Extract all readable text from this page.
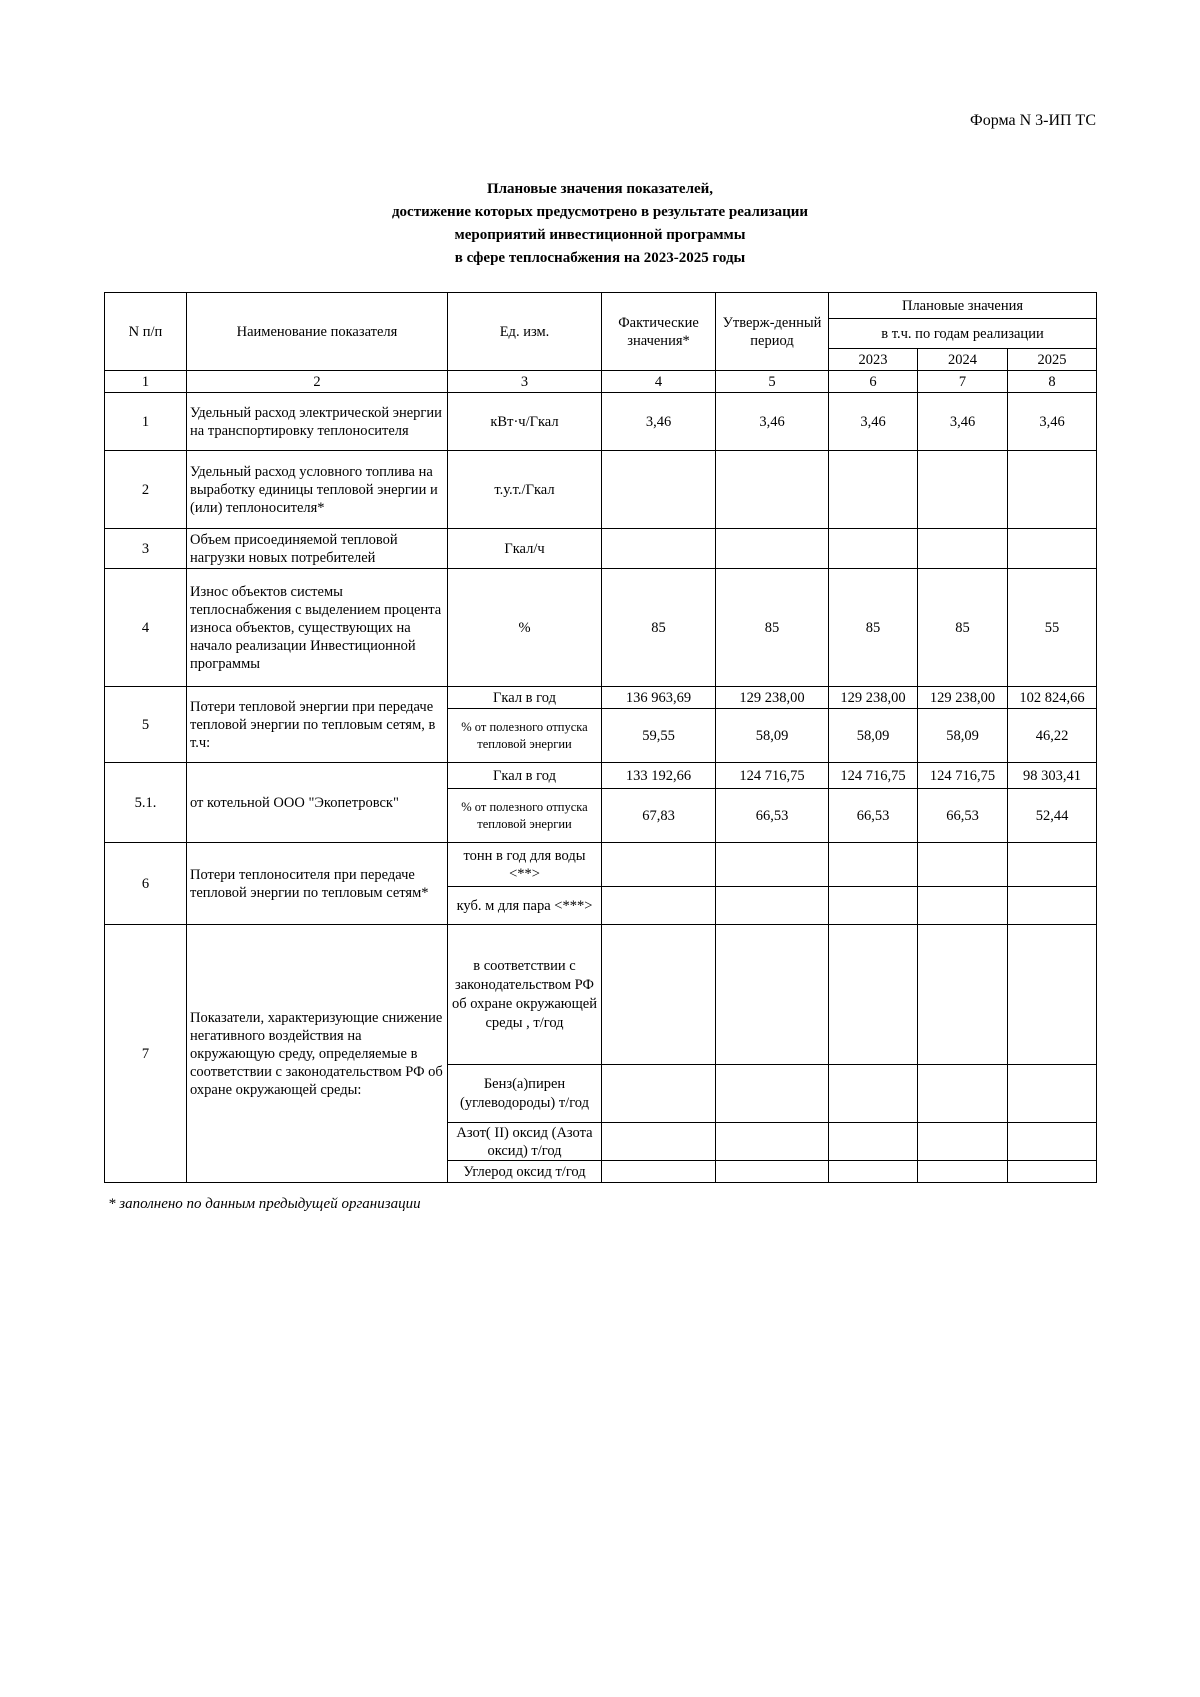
Форма N 3-ИП ТС
Плановые значения показателей,
достижение которых предусмотрено в результате реализации
мероприятий инвестиционной программы
в сфере теплоснабжения на 2023-2025 годы
N п/п	Наименование показателя	Ед. изм.	Фактические значения*	Утверж-денный период	Плановые значения		
					в т.ч. по годам реализации		
					2023	2024	2025
1	2	3	4	5	6	7	8
1	Удельный расход электрической энергии на транспортировку теплоносителя	кВт·ч/Гкал	3,46	3,46	3,46	3,46	3,46
2	Удельный расход условного топлива на выработку единицы тепловой энергии и (или) теплоносителя*	т.у.т./Гкал					
3	Объем присоединяемой тепловой нагрузки новых потребителей	Гкал/ч					
4	Износ объектов системы теплоснабжения с выделением процента износа объектов, существующих на начало реализации Инвестиционной программы	%	85	85	85	85	55
5	Потери тепловой энергии при передаче тепловой энергии по тепловым сетям, в т.ч:	Гкал в год	136 963,69	129 238,00	129 238,00	129 238,00	102 824,66
		% от полезного отпуска тепловой энергии	59,55	58,09	58,09	58,09	46,22
5.1.	от котельной ООО "Экопетровск"	Гкал в год	133 192,66	124 716,75	124 716,75	124 716,75	98 303,41
		% от полезного отпуска тепловой энергии	67,83	66,53	66,53	66,53	52,44
6	Потери теплоносителя при передаче тепловой энергии по тепловым сетям*	тонн в год для воды <**>					
		куб. м для пара <***>					
7	Показатели, характеризующие снижение негативного воздействия на окружающую среду, определяемые в соответствии с законодательством РФ об охране окружающей среды:	в соответствии с законодательством РФ об охране окружающей среды , т/год					
		Бенз(а)пирен (углеводороды) т/год					
		Азот( II) оксид (Азота оксид) т/год					
		Углерод оксид т/год					
* заполнено по данным предыдущей организации
